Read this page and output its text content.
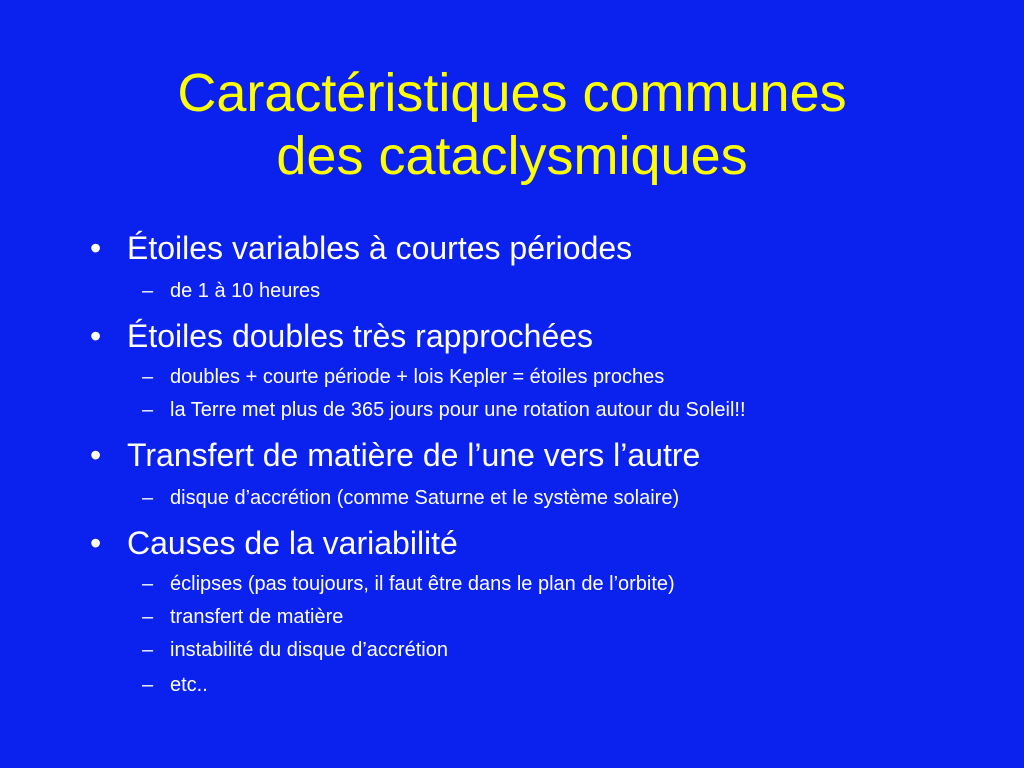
Caractéristiques communes
des cataclysmiques
• Étoiles variables à courtes périodes
– de 1 à 10 heures
• Étoiles doubles très rapprochées
– doubles + courte période + lois Kepler = étoiles proches
– la Terre met plus de 365 jours pour une rotation autour du Soleil!!
• Transfert de matière de l’une vers l’autre
– disque d’accrétion (comme Saturne et le système solaire)
• Causes de la variabilité
– éclipses (pas toujours, il faut être dans le plan de l’orbite)
– transfert de matière
– instabilité du disque d’accrétion
– etc..
